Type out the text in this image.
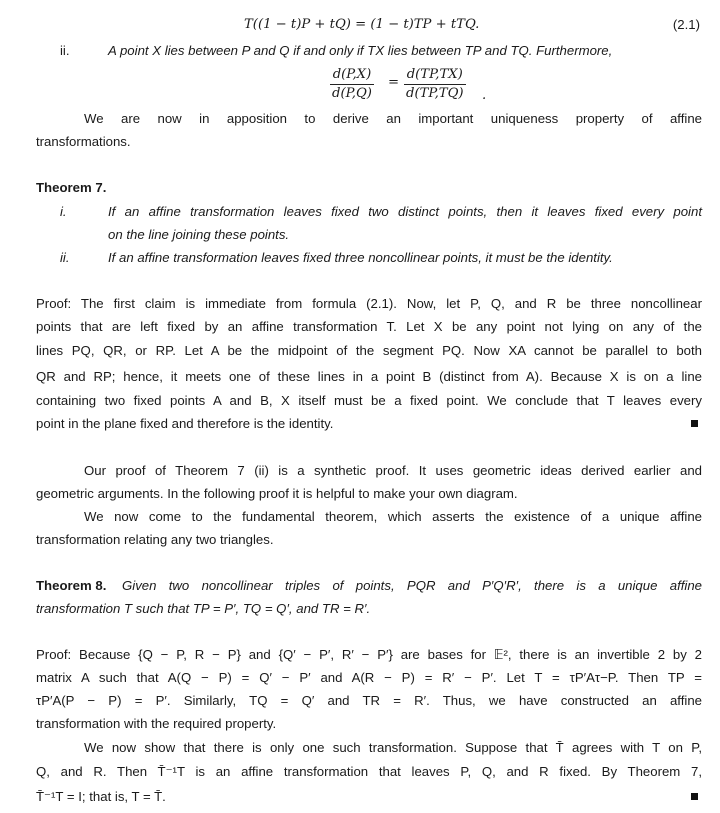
T((1 − t)P + tQ) = (1 − t)TP + tTQ.	(2.1)
ii.	A point X lies between P and Q if and only if TX lies between TP and TQ. Furthermore,
$\frac{d(P,X)}{d(P,Q)} = \frac{d(TP,TX)}{d(TP,TQ)}$ .
We are now in apposition to derive an important uniqueness property of affine
transformations.
Theorem 7.
i.	If an affine transformation leaves fixed two distinct points, then it leaves fixed every point
on the line joining these points.
ii.	If an affine transformation leaves fixed three noncollinear points, it must be the identity.
Proof: The first claim is immediate from formula (2.1). Now, let P, Q, and R be three noncollinear
points that are left fixed by an affine transformation T. Let X be any point not lying on any of the
lines PQ, QR, or RP. Let A be the midpoint of the segment PQ. Now XA cannot be parallel to both
QR and RP; hence, it meets one of these lines in a point B (distinct from A). Because X is on a line
containing two fixed points A and B, X itself must be a fixed point. We conclude that T leaves every
point in the plane fixed and therefore is the identity.
Our proof of Theorem 7 (ii) is a synthetic proof. It uses geometric ideas derived earlier and
geometric arguments. In the following proof it is helpful to make your own diagram.
We now come to the fundamental theorem, which asserts the existence of a unique affine
transformation relating any two triangles.
Theorem 8. Given two noncollinear triples of points, PQR and P′Q′R′, there is a unique affine
transformation T such that TP = P′, TQ = Q′, and TR = R′.
Proof: Because {Q − P, R − P} and {Q′ − P′, R′ − P′} are bases for 𝔼², there is an invertible 2 by 2
matrix A such that A(Q − P) = Q′ − P′ and A(R − P) = R′ − P′. Let T = τP′Aτ−P. Then TP =
τP′A(P − P) = P′. Similarly, TQ = Q′ and TR = R′. Thus, we have constructed an affine
transformation with the required property.
We now show that there is only one such transformation. Suppose that T̄ agrees with T on P,
Q, and R. Then T̄⁻¹T is an affine transformation that leaves P, Q, and R fixed. By Theorem 7,
T̄⁻¹T = I; that is, T = T̄.
